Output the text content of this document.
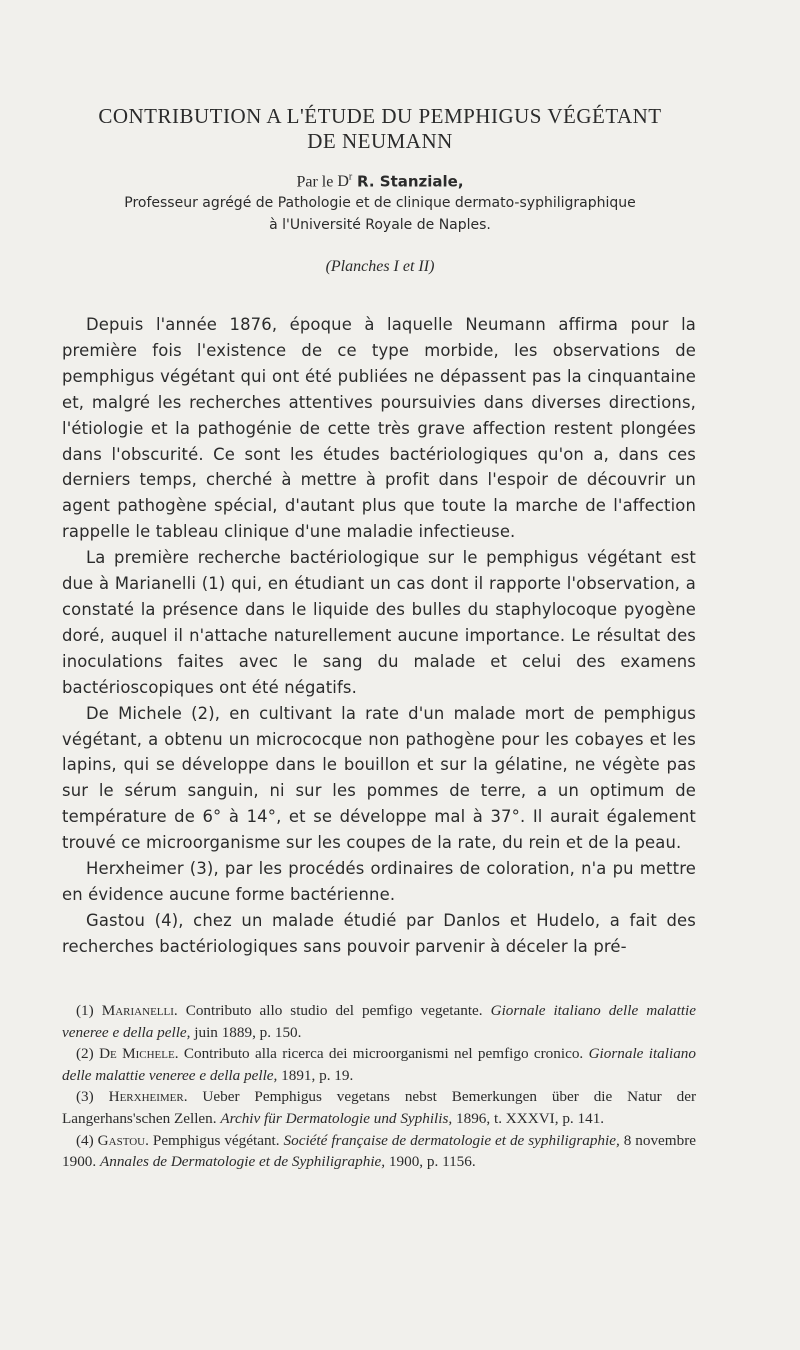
CONTRIBUTION A L'ÉTUDE DU PEMPHIGUS VÉGÉTANT
DE NEUMANN

Par le $D^r$ R. Stanziale,

Professeur agrégé de Pathologie et de clinique dermato-syphiligraphique

à l'Université Royale de Naples.

(Planches I et II)

Depuis l'année 1876, époque à laquelle Neumann affirma pour la première fois l'existence de ce type morbide, les observations de pemphigus végétant qui ont été publiées ne dépassent pas la cinquantaine et, malgré les recherches attentives poursuivies dans diverses directions, l'étiologie et la pathogénie de cette très grave affection restent plongées dans l'obscurité. Ce sont les études bactériologiques qu'on a, dans ces derniers temps, cherché à mettre à profit dans l'espoir de découvrir un agent pathogène spécial, d'autant plus que toute la marche de l'affection rappelle le tableau clinique d'une maladie infectieuse.

La première recherche bactériologique sur le pemphigus végétant est due à Marianelli (1) qui, en étudiant un cas dont il rapporte l'observation, a constaté la présence dans le liquide des bulles du staphylocoque pyogène doré, auquel il n'attache naturellement aucune importance. Le résultat des inoculations faites avec le sang du malade et celui des examens bactérioscopiques ont été négatifs.

De Michele (2), en cultivant la rate d'un malade mort de pemphigus végétant, a obtenu un micrococque non pathogène pour les cobayes et les lapins, qui se développe dans le bouillon et sur la gélatine, ne végète pas sur le sérum sanguin, ni sur les pommes de terre, a un optimum de température de 6° à 14°, et se développe mal à 37°. Il aurait également trouvé ce microorganisme sur les coupes de la rate, du rein et de la peau.

Herxheimer (3), par les procédés ordinaires de coloration, n'a pu mettre en évidence aucune forme bactérienne.

Gastou (4), chez un malade étudié par Danlos et Hudelo, a fait des recherches bactériologiques sans pouvoir parvenir à déceler la pré-

(1) Marianelli. Contributo allo studio del pemfigo vegetante. Giornale italiano delle malattie veneree e della pelle, juin 1889, p. 150.

(2) De Michele. Contributo alla ricerca dei microorganismi nel pemfigo cronico. Giornale italiano delle malattie veneree e della pelle, 1891, p. 19.

(3) Herxheimer. Ueber Pemphigus vegetans nebst Bemerkungen über die Natur der Langerhans'schen Zellen. Archiv für Dermatologie und Syphilis, 1896, t. XXXVI, p. 141.

(4) Gastou. Pemphigus végétant. Société française de dermatologie et de syphiligraphie, 8 novembre 1900. Annales de Dermatologie et de Syphiligraphie, 1900, p. 1156.
